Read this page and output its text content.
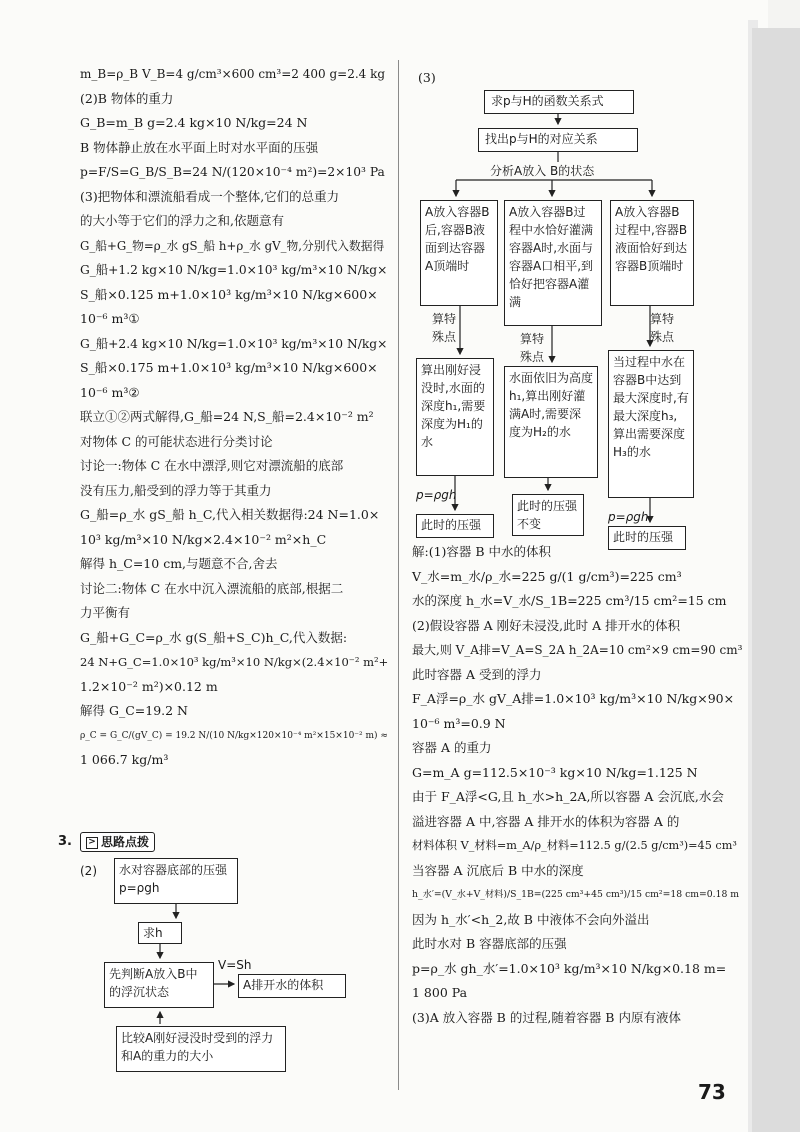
m_B=ρ_B V_B=4 g/cm³×600 cm³=2 400 g=2.4 kg
(2)B 物体的重力
G_B=m_B g=2.4 kg×10 N/kg=24 N
B 物体静止放在水平面上时对水平面的压强
p=F/S=G_B/S_B=24 N/(120×10⁻⁴ m²)=2×10³ Pa
(3)把物体和漂流船看成一个整体,它们的总重力
的大小等于它们的浮力之和,依题意有
G_船+G_物=ρ_水 gS_船 h+ρ_水 gV_物,分别代入数据得
G_船+1.2 kg×10 N/kg=1.0×10³ kg/m³×10 N/kg×
S_船×0.125 m+1.0×10³ kg/m³×10 N/kg×600×
10⁻⁶ m³①
G_船+2.4 kg×10 N/kg=1.0×10³ kg/m³×10 N/kg×
S_船×0.175 m+1.0×10³ kg/m³×10 N/kg×600×
10⁻⁶ m³②
联立①②两式解得,G_船=24 N,S_船=2.4×10⁻² m²
对物体 C 的可能状态进行分类讨论
讨论一:物体 C 在水中漂浮,则它对漂流船的底部
没有压力,船受到的浮力等于其重力
G_船=ρ_水 gS_船 h_C,代入相关数据得:24 N=1.0×
10³ kg/m³×10 N/kg×2.4×10⁻² m²×h_C
解得 h_C=10 cm,与题意不合,舍去
讨论二:物体 C 在水中沉入漂流船的底部,根据二
力平衡有
G_船+G_C=ρ_水 g(S_船+S_C)h_C,代入数据:
24 N+G_C=1.0×10³ kg/m³×10 N/kg×(2.4×10⁻² m²+
1.2×10⁻² m²)×0.12 m
解得 G_C=19.2 N
ρ_C = G_C/(gV_C) = 19.2 N/(10 N/kg×120×10⁻⁴ m²×15×10⁻² m) ≈
1 066.7 kg/m³
3.	> 思路点拨
(2)	水对容器底部的压强p=ρgh
求h
先判断A放入B中的浮沉状态
V=Sh
A排开水的体积
比较A刚好浸没时受到的浮力和A的重力的大小
(3)
求p与H的函数关系式
找出p与H的对应关系
分析A放入 B的状态
A放入容器B后,容器B液面到达容器A顶端时
A放入容器B过程中水恰好灌满容器A时,水面与容器A口相平,到恰好把容器A灌满
A放入容器B过程中,容器B液面恰好到达容器B顶端时
算特殊点	算特殊点
算特殊点
算出刚好浸没时,水面的深度h₁,需要深度为H₁的水
水面依旧为高度h₁,算出刚好灌满A时,需要深度为H₂的水
当过程中水在容器B中达到最大深度时,有最大深度h₃,算出需要深度H₃的水
p=ρgh
p=ρgh
此时的压强
此时的压强不变
此时的压强
解:(1)容器 B 中水的体积
V_水=m_水/ρ_水=225 g/(1 g/cm³)=225 cm³
水的深度 h_水=V_水/S_1B=225 cm³/15 cm²=15 cm
(2)假设容器 A 刚好未浸没,此时 A 排开水的体积
最大,则 V_A排=V_A=S_2A h_2A=10 cm²×9 cm=90 cm³
此时容器 A 受到的浮力
F_A浮=ρ_水 gV_A排=1.0×10³ kg/m³×10 N/kg×90×
10⁻⁶ m³=0.9 N
容器 A 的重力
G=m_A g=112.5×10⁻³ kg×10 N/kg=1.125 N
由于 F_A浮<G,且 h_水>h_2A,所以容器 A 会沉底,水会
溢进容器 A 中,容器 A 排开水的体积为容器 A 的
材料体积 V_材料=m_A/ρ_材料=112.5 g/(2.5 g/cm³)=45 cm³
当容器 A 沉底后 B 中水的深度
h_水′=(V_水+V_材料)/S_1B=(225 cm³+45 cm³)/15 cm²=18 cm=0.18 m
因为 h_水′<h_2,故 B 中液体不会向外溢出
此时水对 B 容器底部的压强
p=ρ_水 gh_水′=1.0×10³ kg/m³×10 N/kg×0.18 m=
1 800 Pa
(3)A 放入容器 B 的过程,随着容器 B 内原有液体
73
